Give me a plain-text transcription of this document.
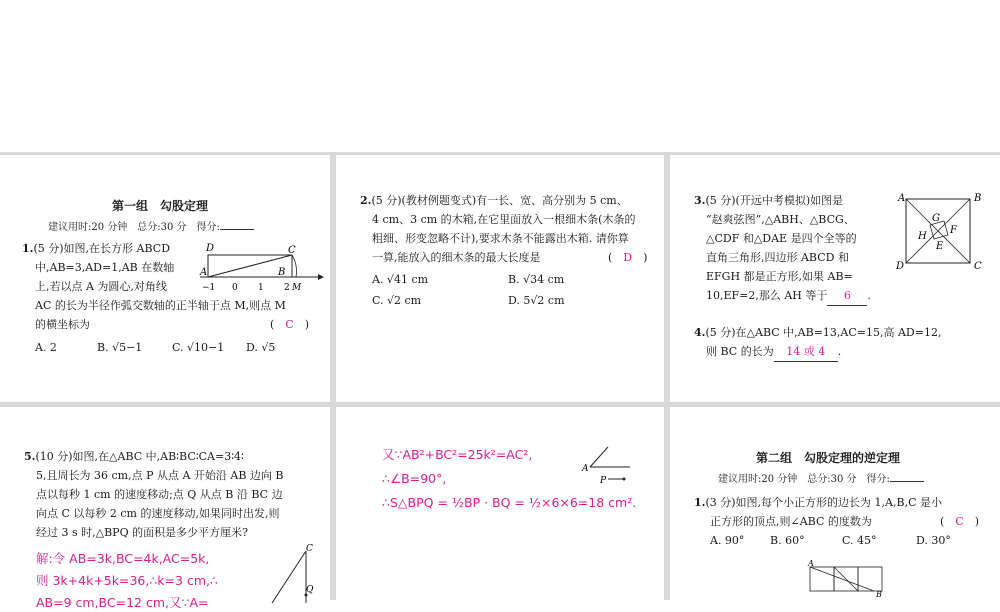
第一组　勾股定理
建议用时:20 分钟　总分:30 分　得分:
1.(5 分)如图,在长方形 ABCD
中,AB=3,AD=1,AB 在数轴
上,若以点 A 为圆心,对角线
AC 的长为半径作弧交数轴的正半轴于点 M,则点 M
的横坐标为	(　C　)
A. 2	B. √5−1	C. √10−1 D. √5
D	C
A	B
−1 0 1 2 M
2.(5 分)(教材例题变式)有一长、宽、高分别为 5 cm、
4 cm、3 cm 的木箱,在它里面放入一根细木条(木条的
粗细、形变忽略不计),要求木条不能露出木箱. 请你算
一算,能放入的细木条的最大长度是	(　D　)
A. √41 cm	B. √34 cm
C. √2 cm	D. 5√2 cm
3.(5 分)(开远中考模拟)如图是
“赵爽弦图”,△ABH、△BCG、
△CDF 和△DAE 是四个全等的
直角三角形,四边形 ABCD 和
EFGH 都是正方形,如果 AB=
10,EF=2,那么 AH 等于 6 .
A	B
C
D
E
F
G
H
4.(5 分)在△ABC 中,AB=13,AC=15,高 AD=12,
则 BC 的长为 14 或 4 .
5.(10 分)如图,在△ABC 中,AB∶BC∶CA=3∶4∶
5,且周长为 36 cm,点 P 从点 A 开始沿 AB 边向 B
点以每秒 1 cm 的速度移动;点 Q 从点 B 沿 BC 边
向点 C 以每秒 2 cm 的速度移动,如果同时出发,则
经过 3 s 时,△BPQ 的面积是多少平方厘米?
解:令 AB=3k,BC=4k,AC=5k,
则 3k+4k+5k=36,∴k=3 cm,∴
AB=9 cm,BC=12 cm,又∵A=
C
Q
又∵AB²+BC²=25k²=AC²,
∴∠B=90°,
∴S△BPQ = ½BP · BQ = ½×6×6=18 cm².
A
P
第二组　勾股定理的逆定理
建议用时:20 分钟　总分:30 分　得分:
1.(3 分)如图,每个小正方形的边长为 1,A,B,C 是小
正方形的顶点,则∠ABC 的度数为	(　C　)
A. 90° B. 60°	C. 45°	D. 30°
A
B
